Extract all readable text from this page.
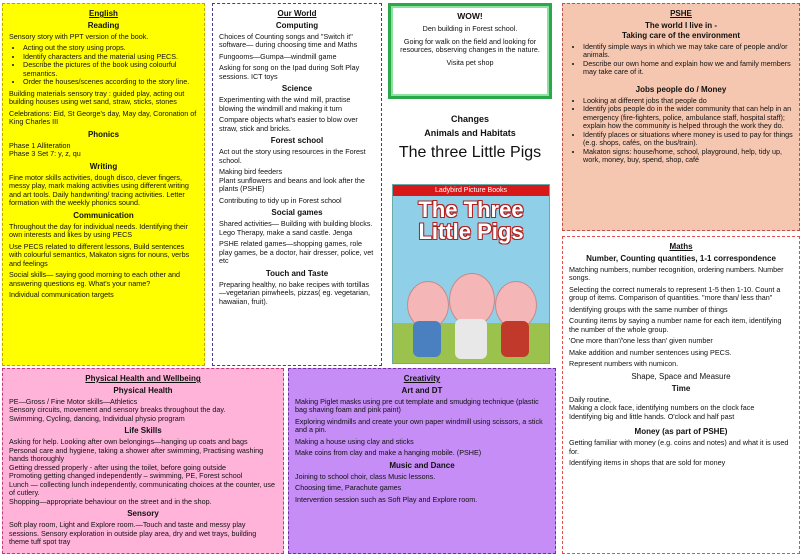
English
Reading

Sensory story with PPT version of the book.

• Acting out the story using props.
• Identify characters and the material using PECS.
• Describe the pictures of the book using colourful semantics.
• Order the houses/scenes according to the story line.

Building materials sensory tray : guided play, acting out building houses using wet sand, straw, sticks, stones

Celebrations: Eid, St George's day, May day, Coronation of King Charles III

Phonics

Phase 1 Alliteration

Phase 3 Set 7: y, z, qu

Writing

Fine motor skills activities, dough disco, clever fingers, messy play, mark making activities using different writing and art tools. Daily handwriting/ tracing activities. Letter formation with the weekly phonics sound.

Communication

Throughout the day for individual needs. Identifying their own interests and likes by using PECS

Use PECS related to different lessons, Build sentences with colourful semantics, Makaton signs for nouns, verbs and feelings

Social skills— saying good morning to each other and answering questions eg. What's your name?

Individual communication targets

Our World
Computing

Choices of Counting songs and "Switch it" software— during choosing time and Maths

Fungooms—Gumpa—windmill game

Asking for song on the Ipad during Soft Play sessions. ICT toys

Science

Experimenting with the wind mill, practise blowing the windmill and making it turn

Compare objects what's easier to blow over straw, stick and bricks.

Forest school

Act out the story using resources in the Forest school.

Making bird feeders

Plant sunflowers and beans and look after the plants (PSHE)

Contributing to tidy up in Forest school

Social games

Shared activities— Building with building blocks. Lego Therapy, make a sand castle. Jenga

PSHE related games—shopping games, role play games, be a doctor, hair dresser, police, vet etc

Touch and Taste

Preparing healthy, no bake recipes with tortillas—vegetarian pinwheels, pizzas( eg. vegetarian, hawaiian, fruit).

WOW!

Den building in Forest school.

Going for walk on the field and looking for resources, observing changes in the nature.

Visita pet shop

Changes
Animals and Habitats
The three Little Pigs
Ladybird Picture Books
The Three Little Pigs
PSHE
The world I live in -
Taking care of the environment
• Identify simple ways in which we may take care of people and/or animals.
• Describe our own home and explain how we and family members may take care of it.
Jobs people do / Money
• Looking at different jobs that people do
• Identify jobs people do in the wider community that can help in an emergency (fire-fighters, police, ambulance staff, hospital staff); explain how the community is helped through the work they do.
• Identify places or situations where money is used to pay for things (e.g. shops, cafés, on the bus/train).
• Makaton signs: house/home, school, playground, help, tidy up, work, money, buy, spend, shop, café
Maths
Number, Counting quantities, 1-1 correspondence

Matching numbers, number recognition, ordering numbers. Number songs.

Selecting the correct numerals to represent 1-5 then 1-10. Count a group of items. Comparison of quantities. "more than/ less than"

Identifying groups with the same number of things

Counting items by saying a number name for each item, identifying the number of the whole group.

'One more than'/'one less than' given number

Make addition and number sentences using PECS.

Represent numbers with numicon.

Shape, Space and Measure
Time

Daily routine,

Making a clock face, identifying numbers on the clock face

Identifying big and little hands. O'clock and half past

Money (as part of PSHE)

Getting familiar with money (e.g. coins and notes) and what it is used for.

Identifying items in shops that are sold for money

Physical Health and Wellbeing
Physical Health

PE—Gross / Fine Motor skills—Athletics

Sensory circuits, movement and sensory breaks throughout the day.

Swimming, Cycling, dancing, Individual physio program

Life Skills

Asking for help. Looking after own belongings—hanging up coats and bags

Personal care and hygiene, taking a shower after swimming, Practising washing hands thoroughly

Getting dressed properly - after using the toilet, before going outside

Promoting getting changed independently – swimming, PE, Forest school

Lunch — collecting lunch independently, communicating choices at the counter, use of cutlery.

Shopping—appropriate behaviour on the street and in the shop.

Sensory

Soft play room, Light and Explore room.—Touch and taste and messy play sessions. Sensory exploration in outside play area, dry and wet trays, building theme tuff spot tray

Creativity
Art and DT

Making Piglet masks using pre cut template and smudging technique (plastic bag shaving foam and pink paint)

Exploring windmills and create your own paper windmill using scissors, a stick and a pin.

Making a house using clay and sticks

Make coins from clay and make a hanging mobile. (PSHE)

Music and Dance

Joining to school choir, class Music lessons.

Choosing time, Parachute games

Intervention session such as Soft Play and Explore room.
